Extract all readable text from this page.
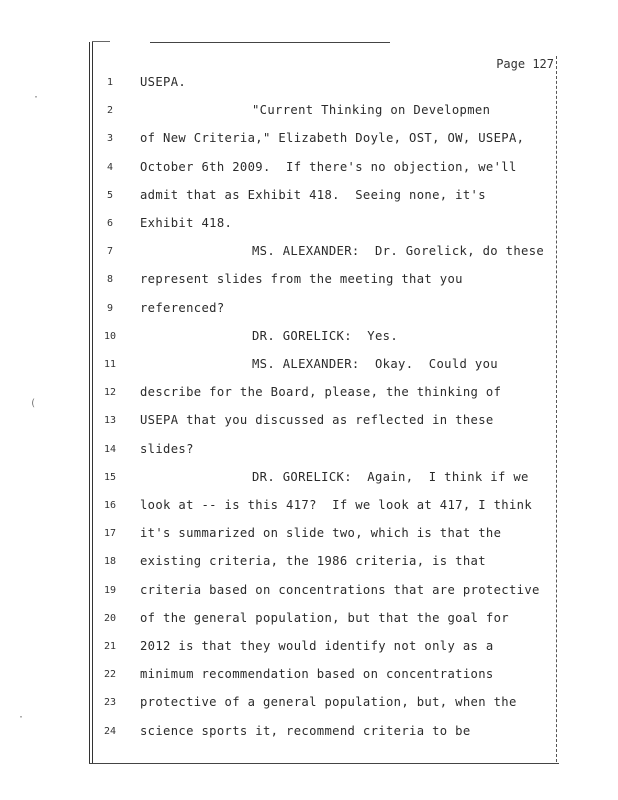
·
(
·
Page 127
1	USEPA.
2	"Current Thinking on Developmen
3	of New Criteria," Elizabeth Doyle, OST, OW, USEPA,
4	October 6th 2009.  If there's no objection, we'll
5	admit that as Exhibit 418.  Seeing none, it's
6	Exhibit 418.
7	MS. ALEXANDER:  Dr. Gorelick, do these
8	represent slides from the meeting that you
9	referenced?
10	DR. GORELICK:  Yes.
11	MS. ALEXANDER:  Okay.  Could you
12	describe for the Board, please, the thinking of
13	USEPA that you discussed as reflected in these
14	slides?
15	DR. GORELICK:  Again,  I think if we
16	look at -- is this 417?  If we look at 417, I think
17	it's summarized on slide two, which is that the
18	existing criteria, the 1986 criteria, is that
19	criteria based on concentrations that are protective
20	of the general population, but that the goal for
21	2012 is that they would identify not only as a
22	minimum recommendation based on concentrations
23	protective of a general population, but, when the
24	science sports it, recommend criteria to be
